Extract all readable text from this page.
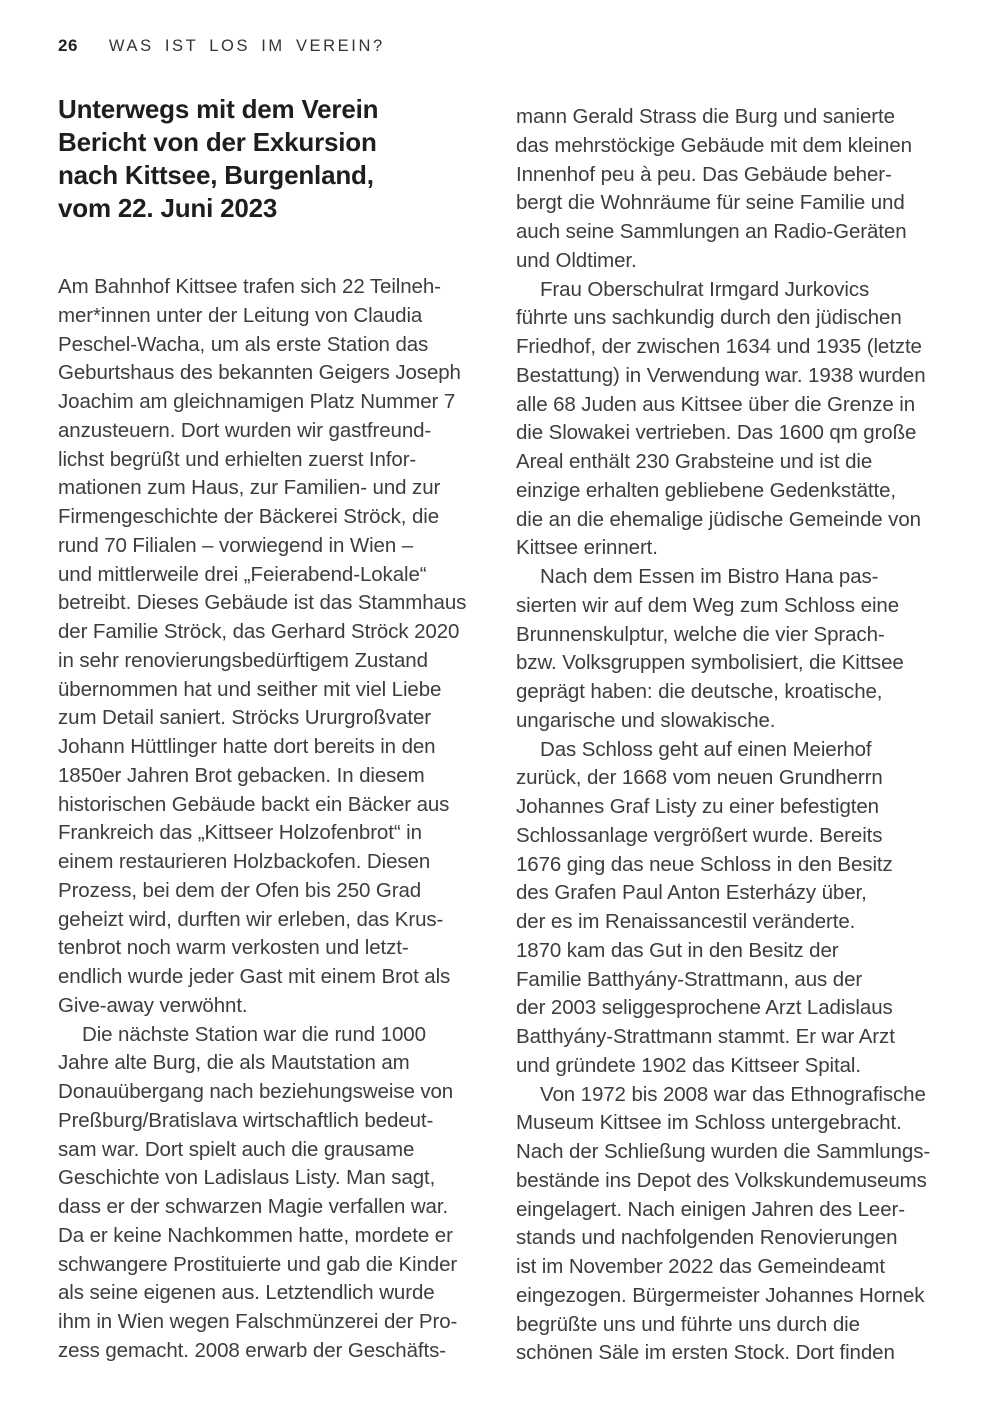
26 WAS IST LOS IM VEREIN?
Unterwegs mit dem Verein
Bericht von der Exkursion
nach Kittsee, Burgenland,
vom 22. Juni 2023
Am Bahnhof Kittsee trafen sich 22 Teilneh-
mer*innen unter der Leitung von Claudia
Peschel-Wacha, um als erste Station das
Geburtshaus des bekannten Geigers Joseph
Joachim am gleichnamigen Platz Nummer 7
anzusteuern. Dort wurden wir gastfreund-
lichst begrüßt und erhielten zuerst Infor-
mationen zum Haus, zur Familien- und zur
Firmengeschichte der Bäckerei Ströck, die
rund 70 Filialen – vorwiegend in Wien –
und mittlerweile drei „Feierabend-Lokale“
betreibt. Dieses Gebäude ist das Stammhaus
der Familie Ströck, das Gerhard Ströck 2020
in sehr renovierungsbedürftigem Zustand
übernommen hat und seither mit viel Liebe
zum Detail saniert. Ströcks Ururgroßvater
Johann Hüttlinger hatte dort bereits in den
1850er Jahren Brot gebacken. In diesem
historischen Gebäude backt ein Bäcker aus
Frankreich das „Kittseer Holzofenbrot“ in
einem restaurieren Holzbackofen. Diesen
Prozess, bei dem der Ofen bis 250 Grad
geheizt wird, durften wir erleben, das Krus-
tenbrot noch warm verkosten und letzt-
endlich wurde jeder Gast mit einem Brot als
Give-away verwöhnt.
Die nächste Station war die rund 1000
Jahre alte Burg, die als Mautstation am
Donauübergang nach beziehungsweise von
Preßburg/Bratislava wirtschaftlich bedeut-
sam war. Dort spielt auch die grausame
Geschichte von Ladislaus Listy. Man sagt,
dass er der schwarzen Magie verfallen war.
Da er keine Nachkommen hatte, mordete er
schwangere Prostituierte und gab die Kinder
als seine eigenen aus. Letztendlich wurde
ihm in Wien wegen Falschmünzerei der Pro-
zess gemacht. 2008 erwarb der Geschäfts-
mann Gerald Strass die Burg und sanierte
das mehrstöckige Gebäude mit dem kleinen
Innenhof peu à peu. Das Gebäude beher-
bergt die Wohnräume für seine Familie und
auch seine Sammlungen an Radio-Geräten
und Oldtimer.
Frau Oberschulrat Irmgard Jurkovics
führte uns sachkundig durch den jüdischen
Friedhof, der zwischen 1634 und 1935 (letzte
Bestattung) in Verwendung war. 1938 wurden
alle 68 Juden aus Kittsee über die Grenze in
die Slowakei vertrieben. Das 1600 qm große
Areal enthält 230 Grabsteine und ist die
einzige erhalten gebliebene Gedenkstätte,
die an die ehemalige jüdische Gemeinde von
Kittsee erinnert.
Nach dem Essen im Bistro Hana pas-
sierten wir auf dem Weg zum Schloss eine
Brunnenskulptur, welche die vier Sprach-
bzw. Volksgruppen symbolisiert, die Kittsee
geprägt haben: die deutsche, kroatische,
ungarische und slowakische.
Das Schloss geht auf einen Meierhof
zurück, der 1668 vom neuen Grundherrn
Johannes Graf Listy zu einer befestigten
Schlossanlage vergrößert wurde. Bereits
1676 ging das neue Schloss in den Besitz
des Grafen Paul Anton Esterházy über,
der es im Renaissancestil veränderte.
1870 kam das Gut in den Besitz der
Familie Batthyány-Strattmann, aus der
der 2003 seliggesprochene Arzt Ladislaus
Batthyány-Strattmann stammt. Er war Arzt
und gründete 1902 das Kittseer Spital.
Von 1972 bis 2008 war das Ethnografische
Museum Kittsee im Schloss untergebracht.
Nach der Schließung wurden die Sammlungs-
bestände ins Depot des Volkskundemuseums
eingelagert. Nach einigen Jahren des Leer-
stands und nachfolgenden Renovierungen
ist im November 2022 das Gemeindeamt
eingezogen. Bürgermeister Johannes Hornek
begrüßte uns und führte uns durch die
schönen Säle im ersten Stock. Dort finden
